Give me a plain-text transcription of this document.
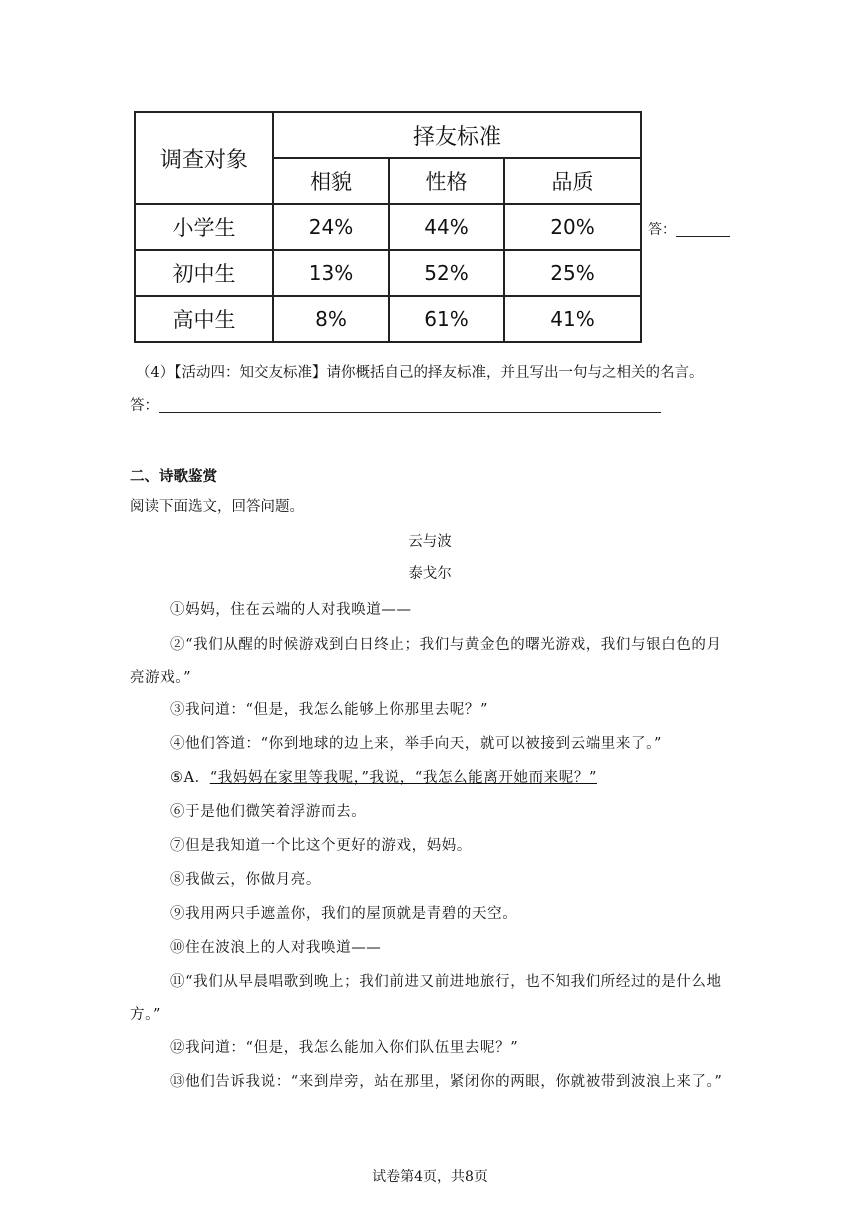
调查对象	择友标准		
	相貌	性格	品质
小学生	24%	44%	20%
初中生	13%	52%	25%
高中生	8%	61%	41%
答：
（4）【活动四：知交友标准】请你概括自己的择友标准，并且写出一句与之相关的名言。
答：
二、诗歌鉴赏
阅读下面选文，回答问题。
云与波
泰戈尔
①妈妈，住在云端的人对我唤道——
②“我们从醒的时候游戏到白日终止；我们与黄金色的曙光游戏，我们与银白色的月
亮游戏。”
③我问道：“但是，我怎么能够上你那里去呢？”
④他们答道：“你到地球的边上来，举手向天，就可以被接到云端里来了。”
⑤A．“我妈妈在家里等我呢，”我说，“我怎么能离开她而来呢？”
⑥于是他们微笑着浮游而去。
⑦但是我知道一个比这个更好的游戏，妈妈。
⑧我做云，你做月亮。
⑨我用两只手遮盖你，我们的屋顶就是青碧的天空。
⑩住在波浪上的人对我唤道——
⑪“我们从早晨唱歌到晚上；我们前进又前进地旅行，也不知我们所经过的是什么地
方。”
⑫我问道：“但是，我怎么能加入你们队伍里去呢？”
⑬他们告诉我说：“来到岸旁，站在那里，紧闭你的两眼，你就被带到波浪上来了。”
试卷第4页，共8页
